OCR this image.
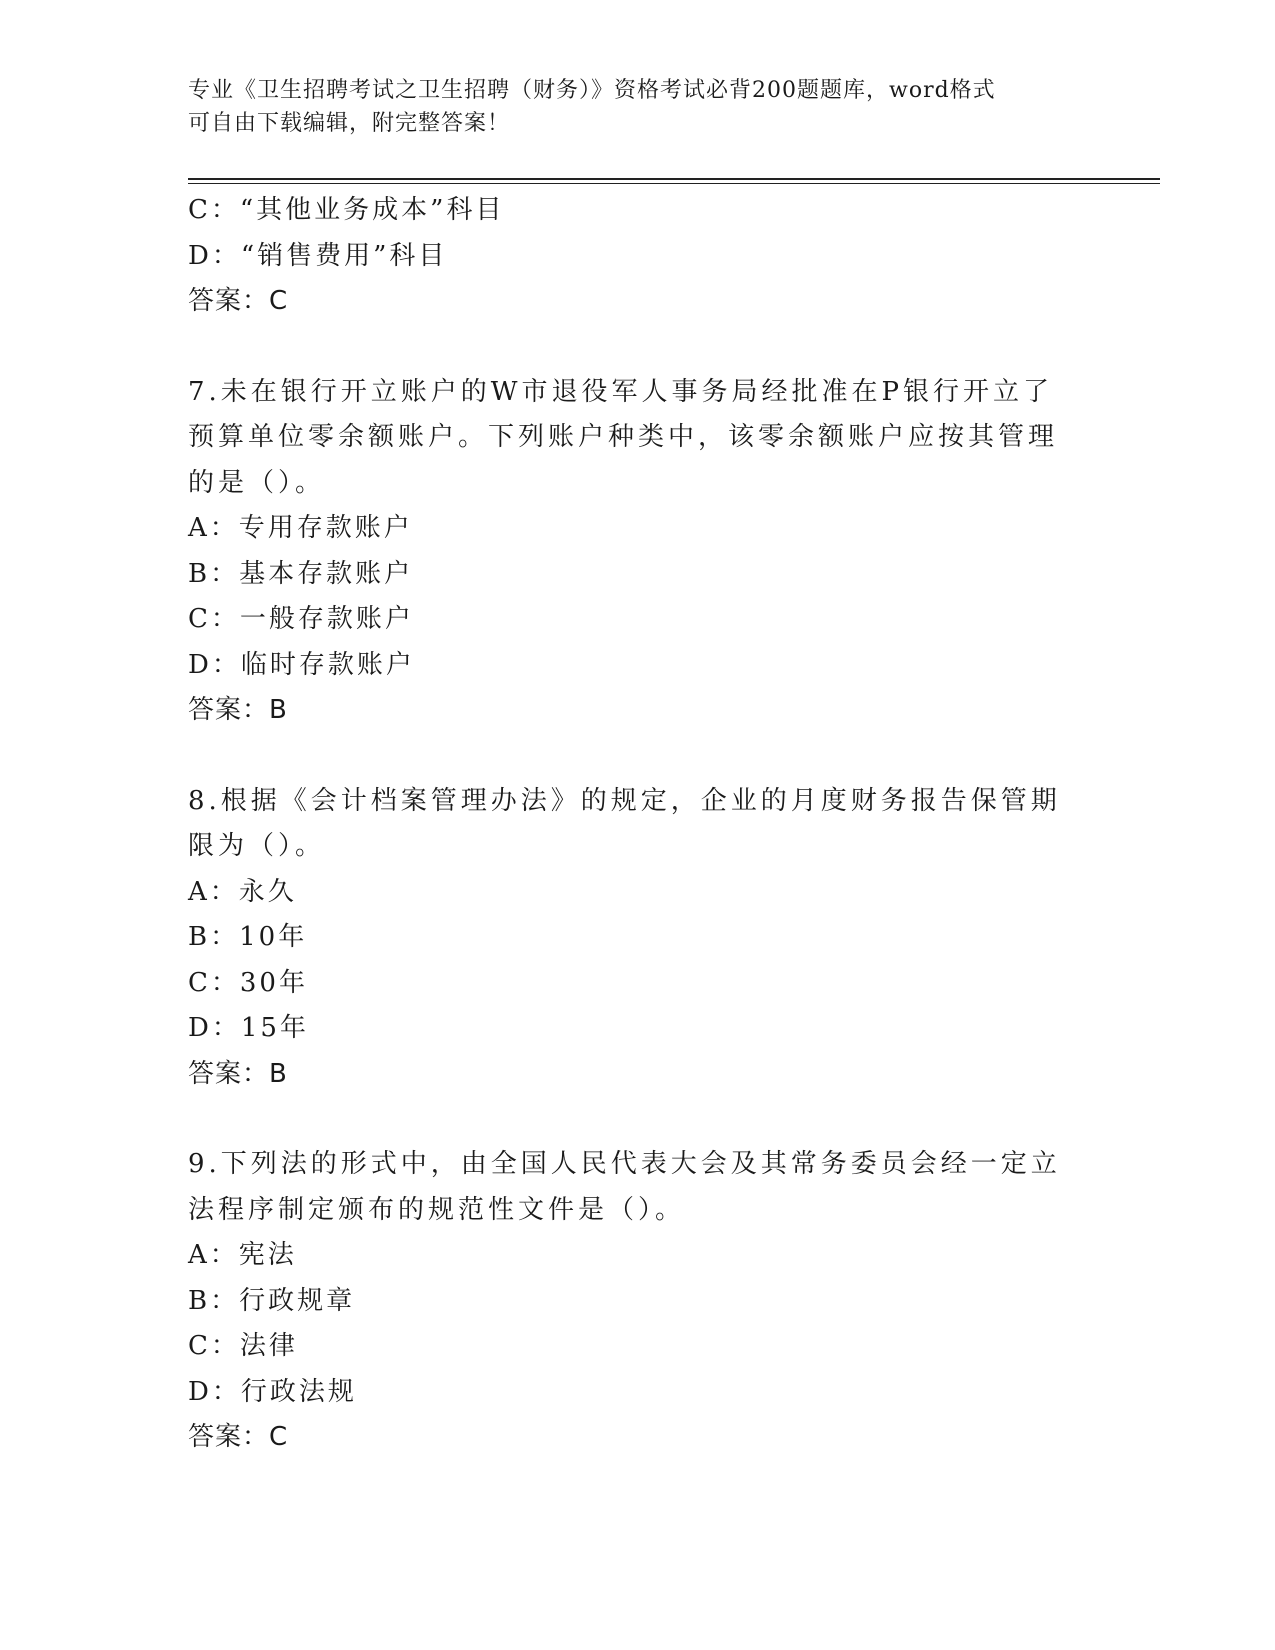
专业《卫生招聘考试之卫生招聘（财务）》资格考试必背200题题库，word格式
可自由下载编辑，附完整答案！
C：“其他业务成本”科目
D：“销售费用”科目
答案：C
7.未在银行开立账户的W市退役军人事务局经批准在P银行开立了预算单位零余额账户。下列账户种类中，该零余额账户应按其管理的是（）。
A：专用存款账户
B：基本存款账户
C：一般存款账户
D：临时存款账户
答案：B
8.根据《会计档案管理办法》的规定，企业的月度财务报告保管期限为（）。
A：永久
B：10年
C：30年
D：15年
答案：B
9.下列法的形式中，由全国人民代表大会及其常务委员会经一定立法程序制定颁布的规范性文件是（）。
A：宪法
B：行政规章
C：法律
D：行政法规
答案：C
